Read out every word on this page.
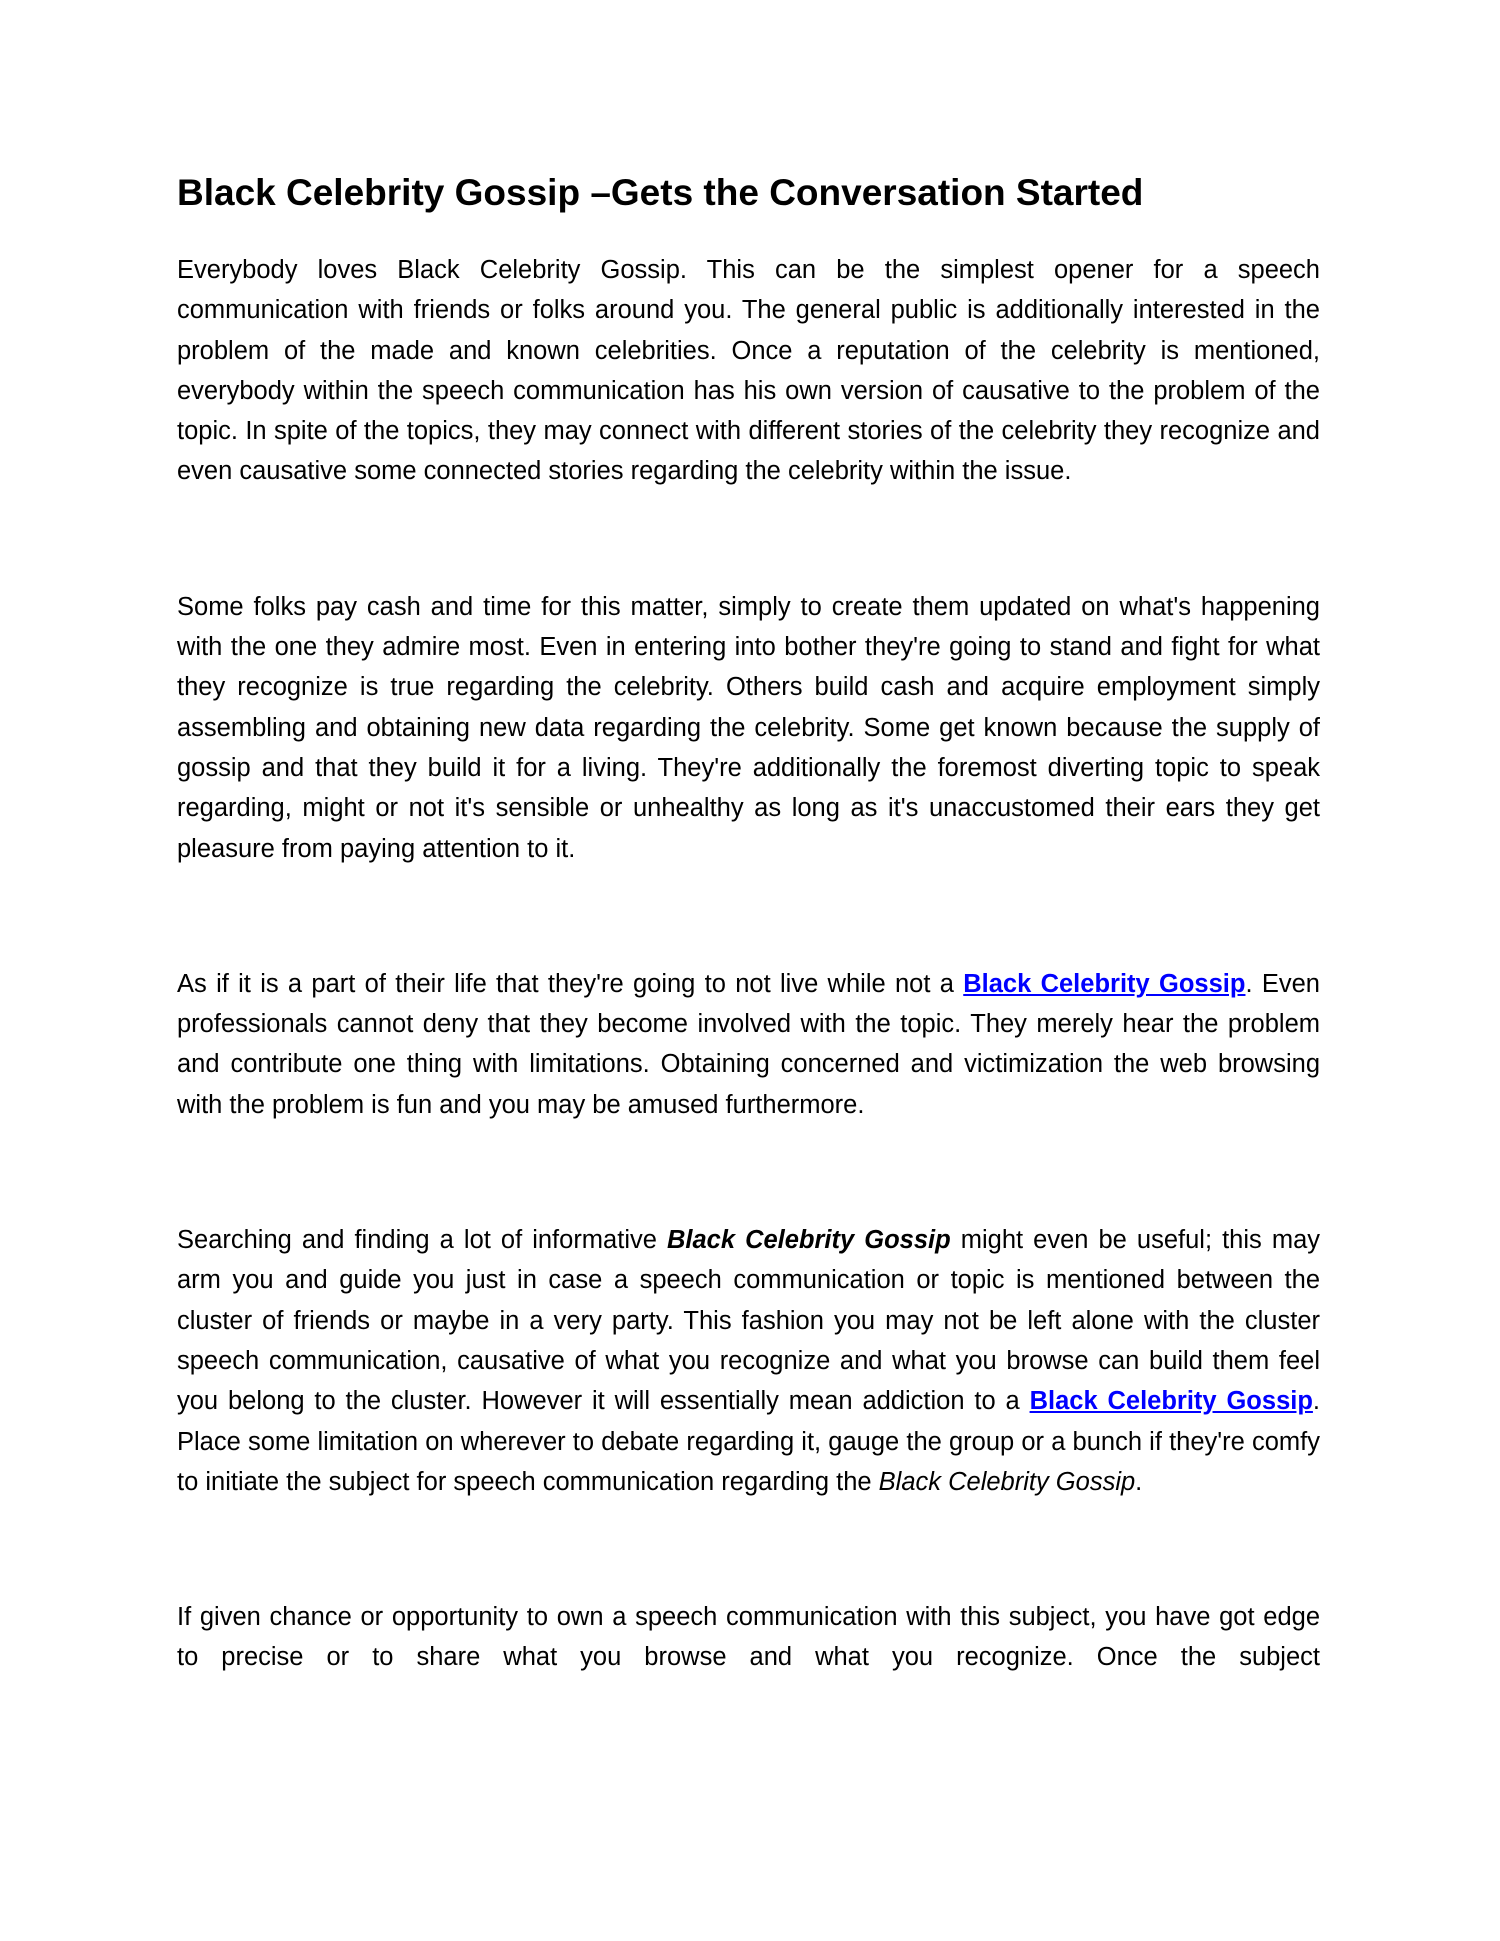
Black Celebrity Gossip –Gets the Conversation Started

Everybody loves Black Celebrity Gossip. This can be the simplest opener for a speech communication with friends or folks around you. The general public is additionally interested in the problem of the made and known celebrities. Once a reputation of the celebrity is mentioned, everybody within the speech communication has his own version of causative to the problem of the topic. In spite of the topics, they may connect with different stories of the celebrity they recognize and even causative some connected stories regarding the celebrity within the issue.

Some folks pay cash and time for this matter, simply to create them updated on what's happening with the one they admire most. Even in entering into bother they're going to stand and fight for what they recognize is true regarding the celebrity. Others build cash and acquire employment simply assembling and obtaining new data regarding the celebrity. Some get known because the supply of gossip and that they build it for a living. They're additionally the foremost diverting topic to speak regarding, might or not it's sensible or unhealthy as long as it's unaccustomed their ears they get pleasure from paying attention to it.

As if it is a part of their life that they're going to not live while not a Black Celebrity Gossip. Even professionals cannot deny that they become involved with the topic. They merely hear the problem and contribute one thing with limitations. Obtaining concerned and victimization the web browsing with the problem is fun and you may be amused furthermore.

Searching and finding a lot of informative Black Celebrity Gossip might even be useful; this may arm you and guide you just in case a speech communication or topic is mentioned between the cluster of friends or maybe in a very party. This fashion you may not be left alone with the cluster speech communication, causative of what you recognize and what you browse can build them feel you belong to the cluster. However it will essentially mean addiction to a Black Celebrity Gossip. Place some limitation on wherever to debate regarding it, gauge the group or a bunch if they're comfy to initiate the subject for speech communication regarding the Black Celebrity Gossip.

If given chance or opportunity to own a speech communication with this subject, you have got edge to precise or to share what you browse and what you recognize. Once the subject
